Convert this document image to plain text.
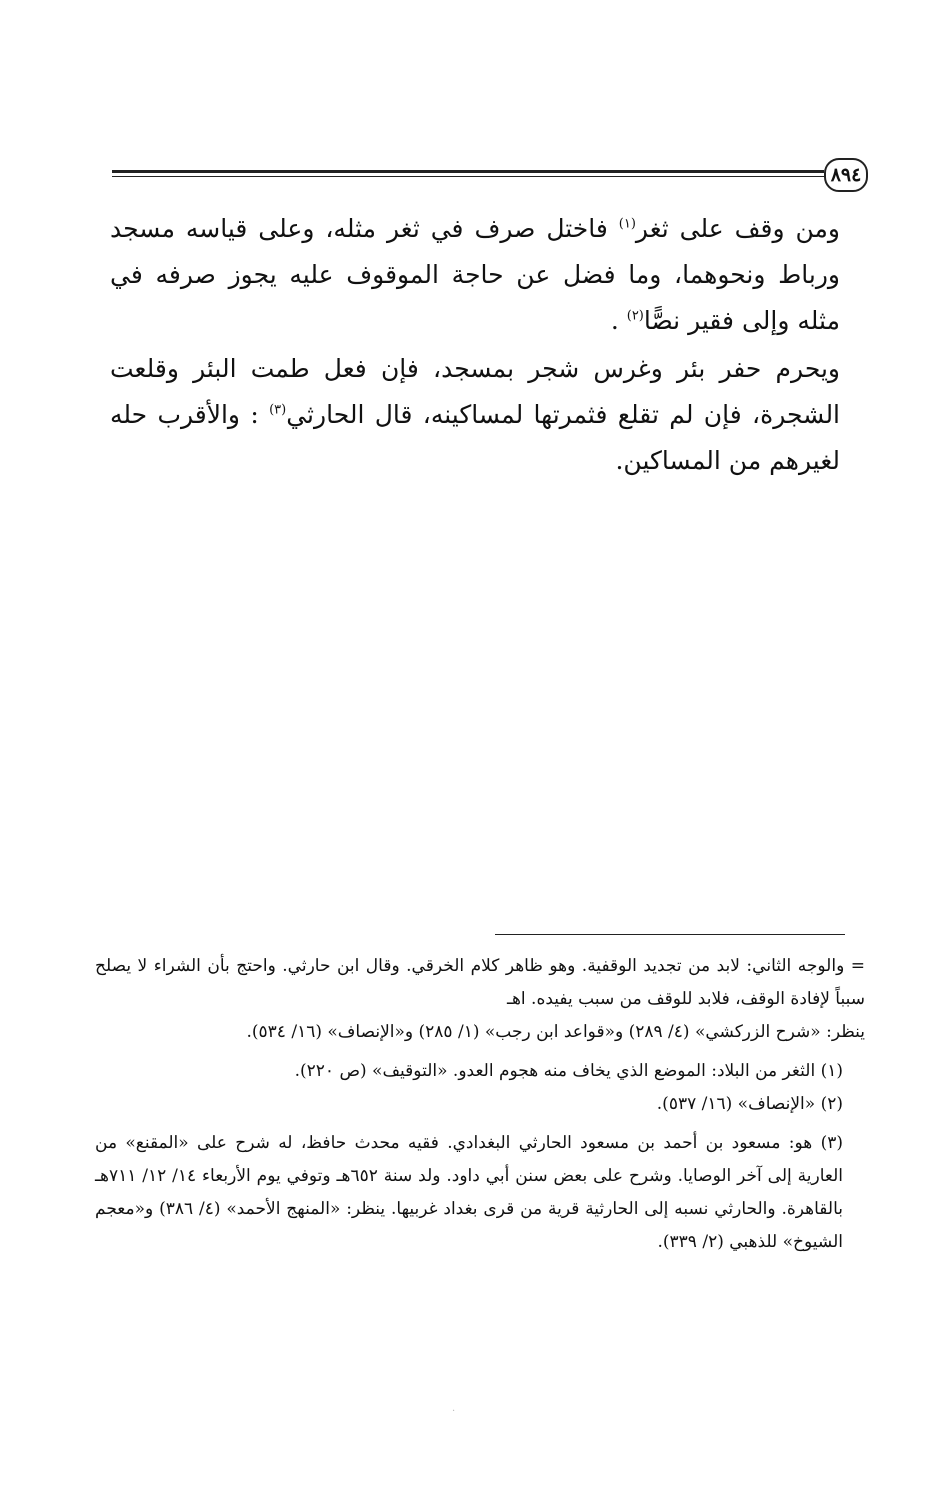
٨٩٤

ومن وقف على ثغر$^{(١)}$ فاختل صرف في ثغر مثله، وعلى قياسه مسجد ورباط ونحوهما، وما فضل عن حاجة الموقوف عليه يجوز صرفه في مثله وإلى فقير نصًّا$^{(٢)}$ .

ويحرم حفر بئر وغرس شجر بمسجد، فإن فعل طمت البئر وقلعت الشجرة، فإن لم تقلع فثمرتها لمساكينه، قال الحارثي$^{(٣)}$ : والأقرب حله لغيرهم من المساكين.

= والوجه الثاني: لابد من تجديد الوقفية. وهو ظاهر كلام الخرقي. وقال ابن حارثي. واحتج بأن الشراء لا يصلح سبباً لإفادة الوقف، فلابد للوقف من سبب يفيده. اهـ

ينظر: «شرح الزركشي» (٤/ ٢٨٩) و«قواعد ابن رجب» (١/ ٢٨٥) و«الإنصاف» (١٦/ ٥٣٤).

(١) الثغر من البلاد: الموضع الذي يخاف منه هجوم العدو. «التوقيف» (ص ٢٢٠).

(٢) «الإنصاف» (١٦/ ٥٣٧).

(٣) هو: مسعود بن أحمد بن مسعود الحارثي البغدادي. فقيه محدث حافظ، له شرح على «المقنع» من العارية إلى آخر الوصايا. وشرح على بعض سنن أبي داود. ولد سنة ٦٥٢هـ وتوفي يوم الأربعاء ١٤/ ١٢/ ٧١١هـ بالقاهرة. والحارثي نسبه إلى الحارثية قرية من قرى بغداد غربيها. ينظر: «المنهج الأحمد» (٤/ ٣٨٦) و«معجم الشيوخ» للذهبي (٢/ ٣٣٩).

·
